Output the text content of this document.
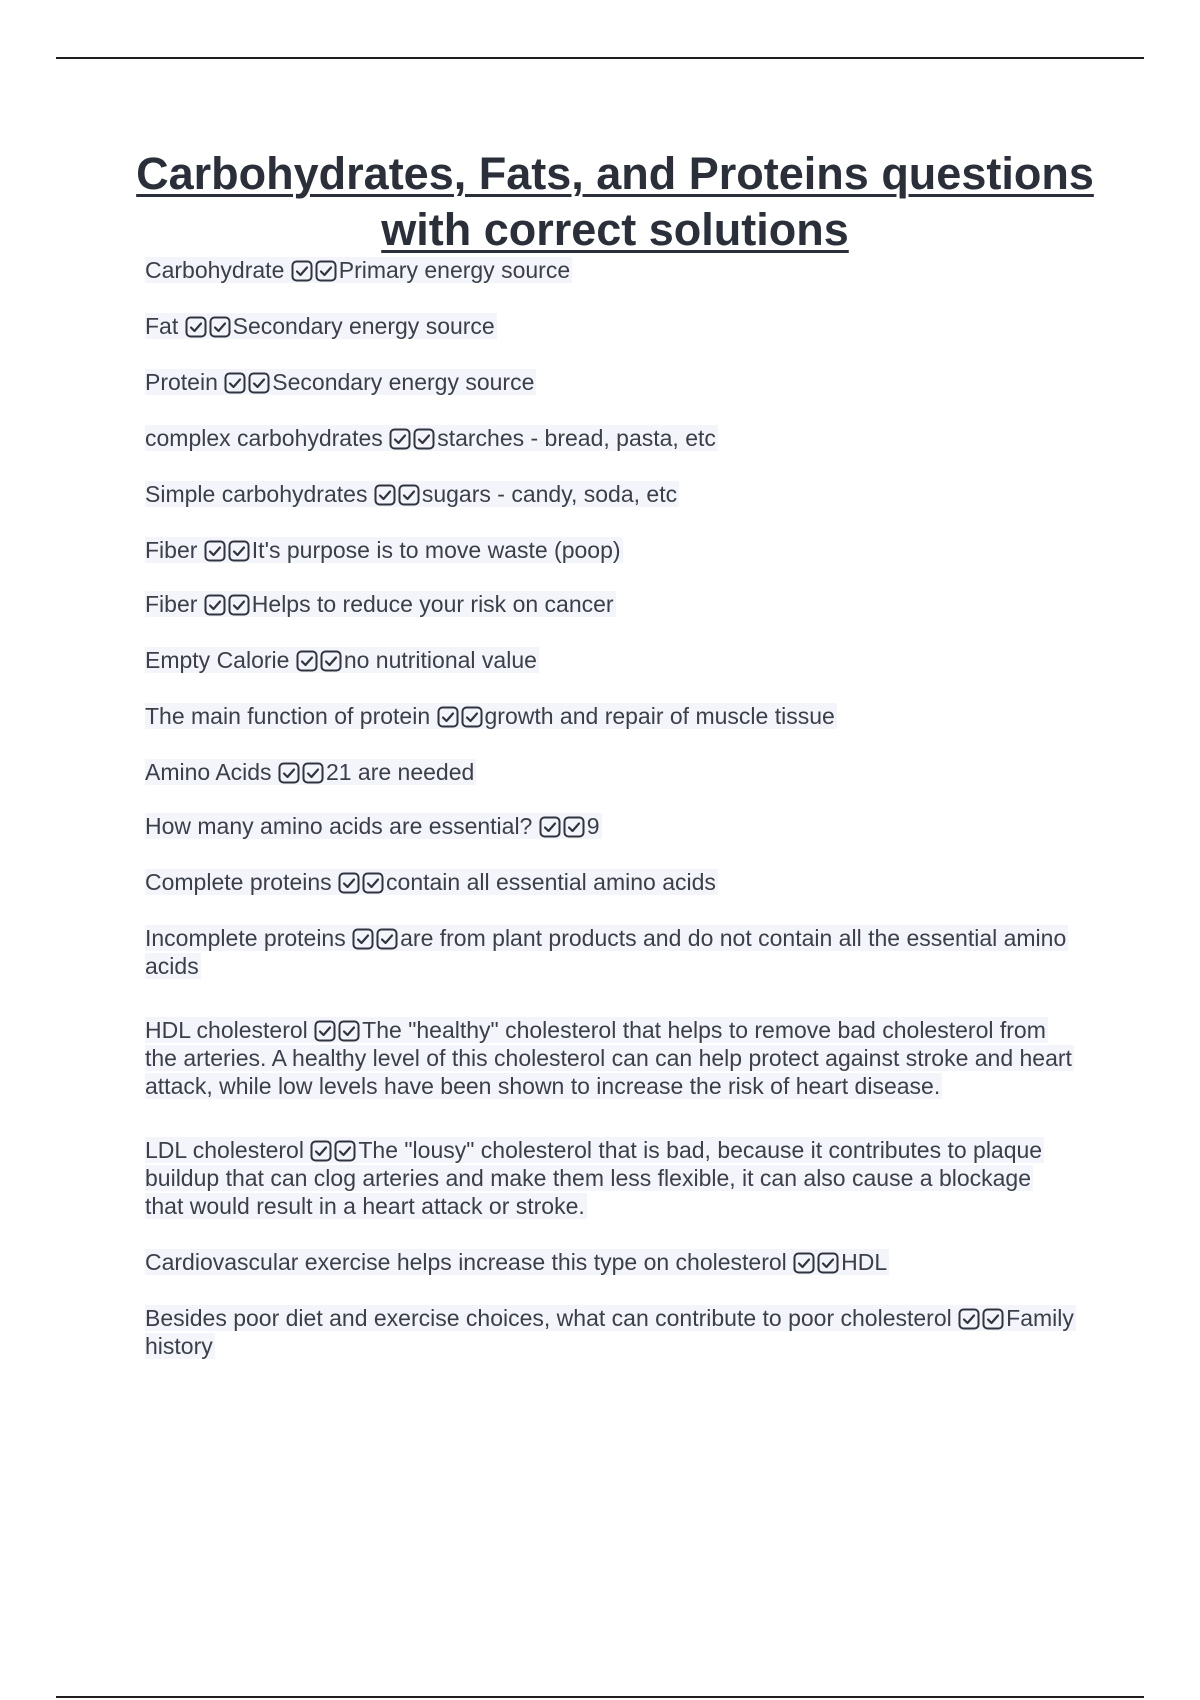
Carbohydrates, Fats, and Proteins questions with correct solutions
Carbohydrate Primary energy source
Fat Secondary energy source
Protein Secondary energy source
complex carbohydrates starches - bread, pasta, etc
Simple carbohydrates sugars - candy, soda, etc
Fiber It's purpose is to move waste (poop)
Fiber Helps to reduce your risk on cancer
Empty Calorie no nutritional value
The main function of protein growth and repair of muscle tissue
Amino Acids 21 are needed
How many amino acids are essential? 9
Complete proteins contain all essential amino acids
Incomplete proteins are from plant products and do not contain all the essential amino acids
HDL cholesterol The "healthy" cholesterol that helps to remove bad cholesterol from the arteries. A healthy level of this cholesterol can can help protect against stroke and heart attack, while low levels have been shown to increase the risk of heart disease.
LDL cholesterol The "lousy" cholesterol that is bad, because it contributes to plaque buildup that can clog arteries and make them less flexible, it can also cause a blockage that would result in a heart attack or stroke.
Cardiovascular exercise helps increase this type on cholesterol HDL
Besides poor diet and exercise choices, what can contribute to poor cholesterol Family history
